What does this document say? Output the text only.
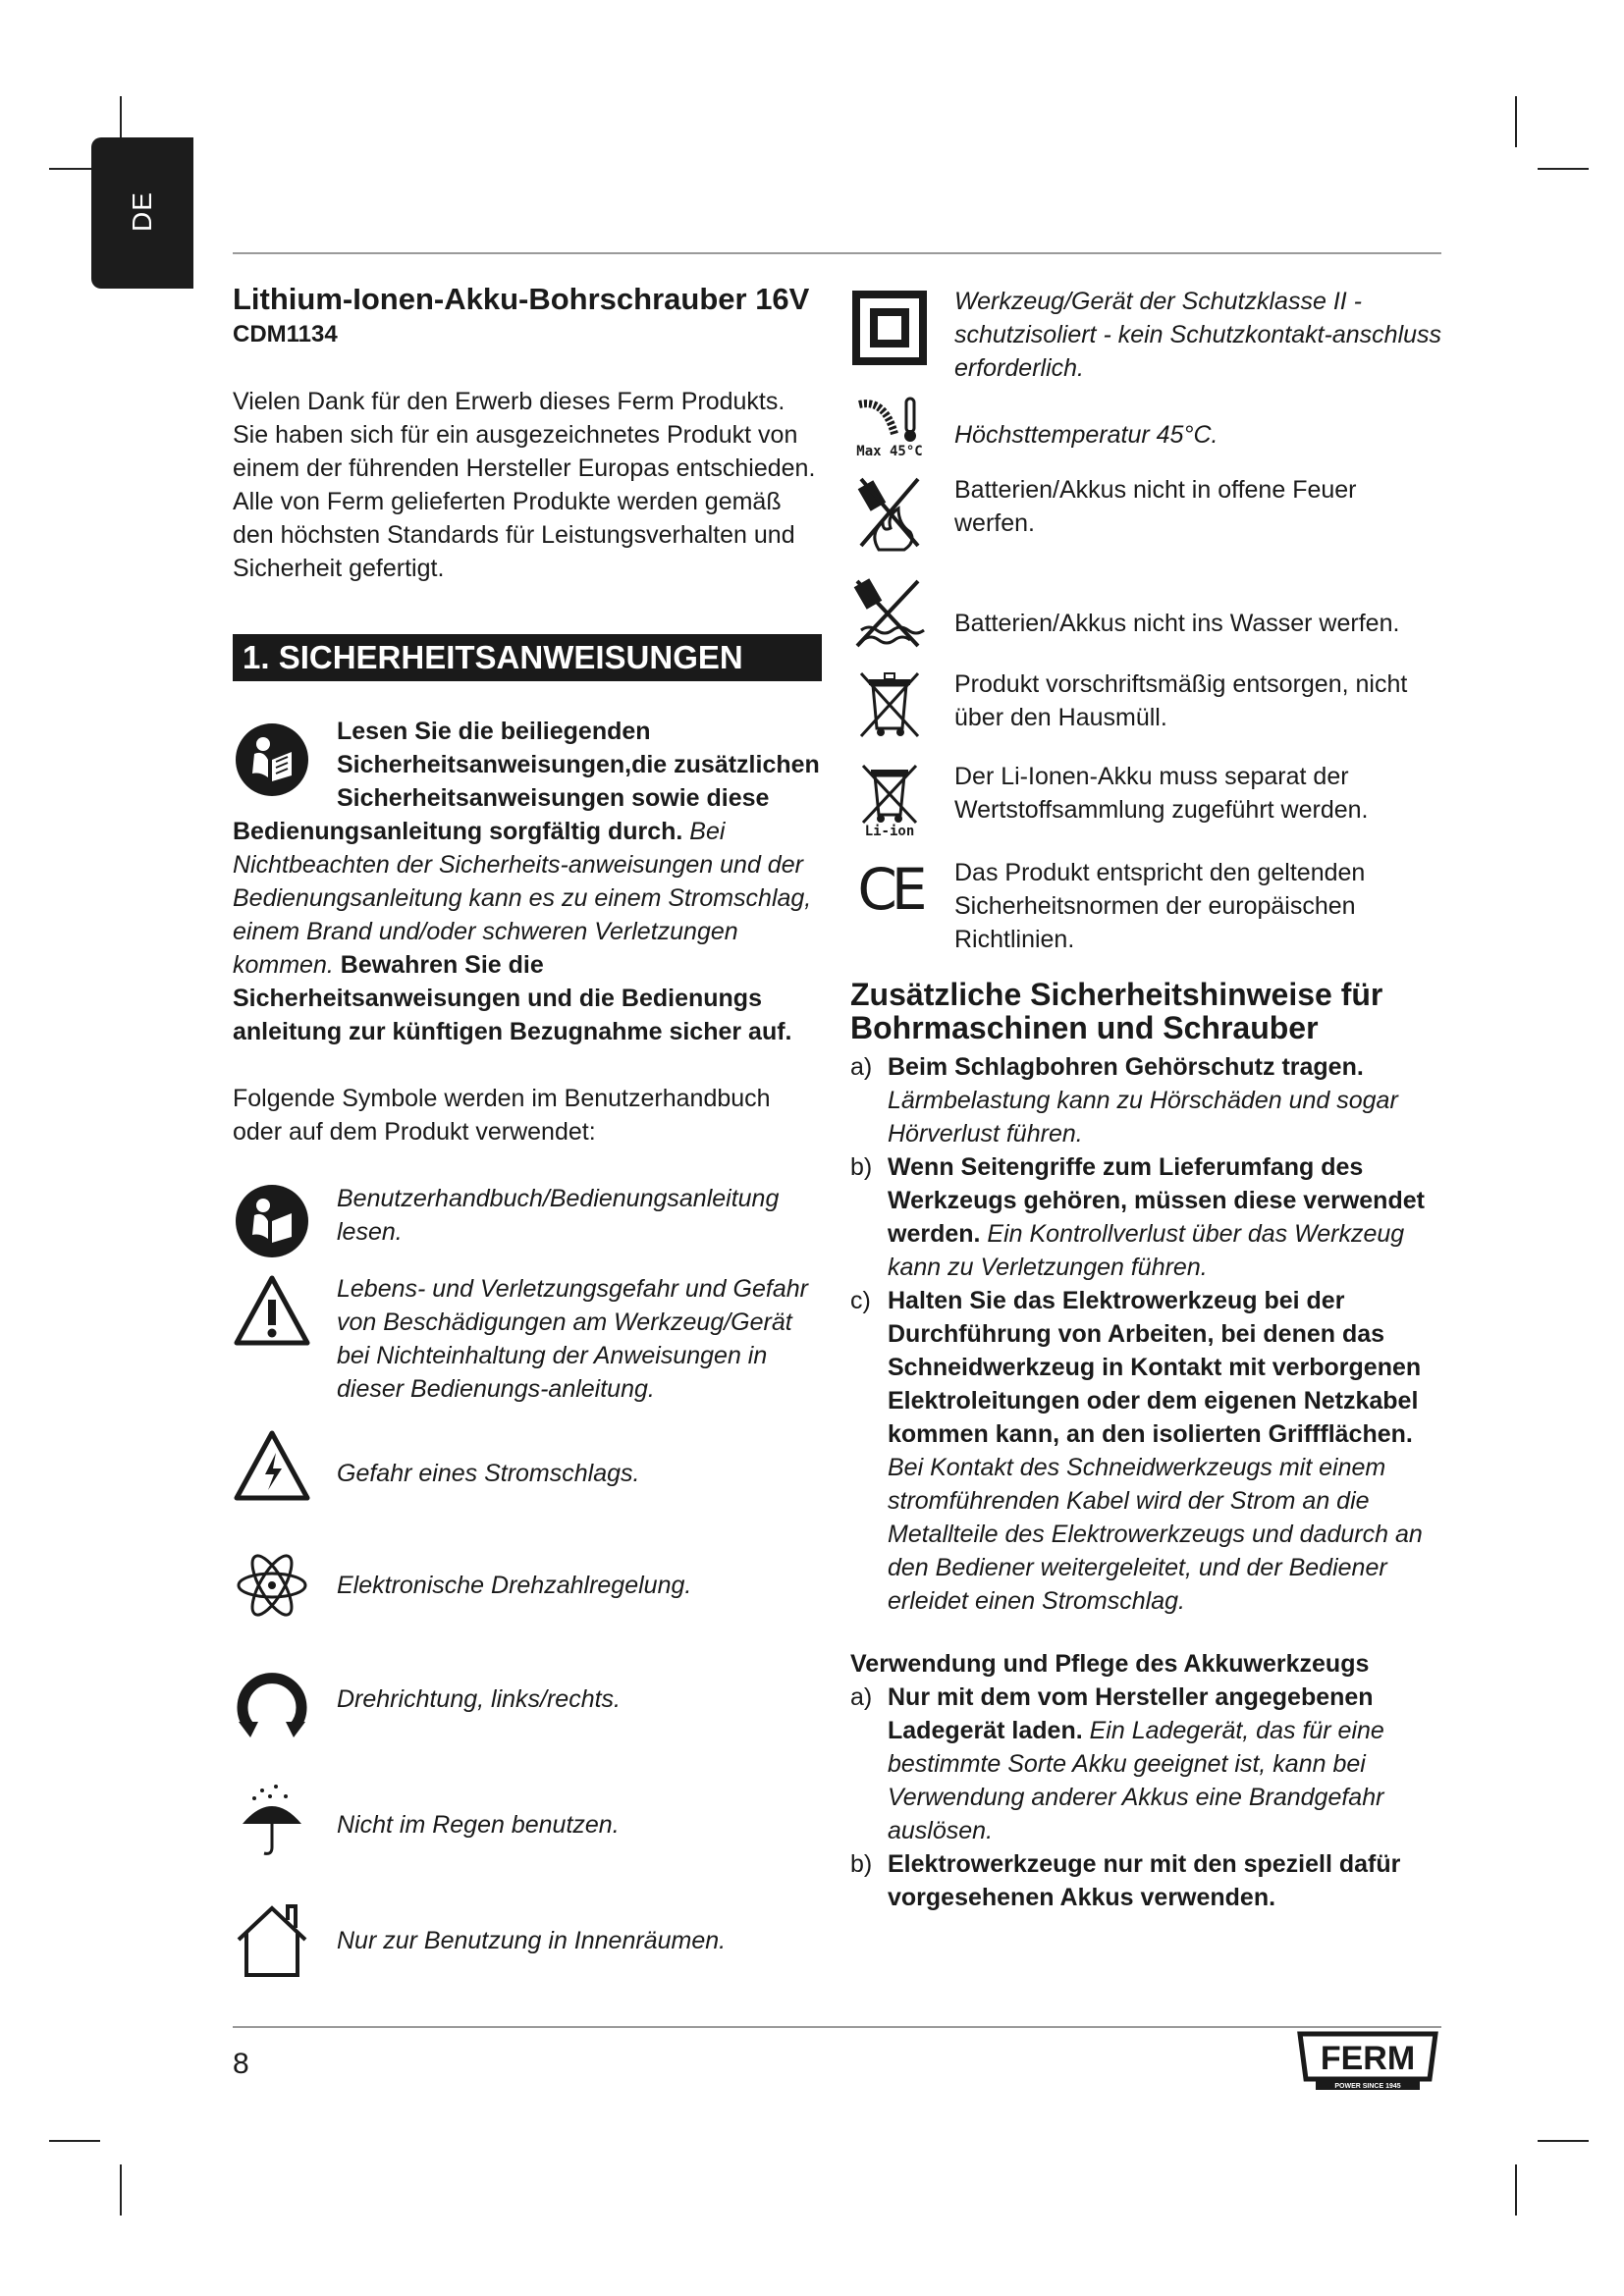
DE
Lithium-Ionen-Akku-Bohrschrauber 16V
CDM1134

Vielen Dank für den Erwerb dieses Ferm Produkts. Sie haben sich für ein ausgezeichnetes Produkt von einem der führenden Hersteller Europas entschieden. Alle von Ferm gelieferten Produkte werden gemäß den höchsten Standards für Leistungsverhalten und Sicherheit gefertigt.

1. SICHERHEITSANWEISUNGEN

Lesen Sie die beiliegenden Sicherheitsanweisungen,die zusätzlichen Sicherheitsanweisungen sowie diese Bedienungsanleitung sorgfältig durch. Bei Nichtbeachten der Sicherheits-anweisungen und der Bedienungsanleitung kann es zu einem Stromschlag, einem Brand und/oder schweren Verletzungen kommen. Bewahren Sie die Sicherheitsanweisungen und die Bedienungs anleitung zur künftigen Bezugnahme sicher auf.

Folgende Symbole werden im Benutzerhandbuch oder auf dem Produkt verwendet:

Benutzerhandbuch/Bedienungsanleitung lesen.
Lebens- und Verletzungsgefahr und Gefahr von Beschädigungen am Werkzeug/Gerät bei Nichteinhaltung der Anweisungen in dieser Bedienungs-anleitung.
Gefahr eines Stromschlags.
Elektronische Drehzahlregelung.
Drehrichtung, links/rechts.
Nicht im Regen benutzen.
Nur zur Benutzung in Innenräumen.
Werkzeug/Gerät der Schutzklasse II - schutzisoliert - kein Schutzkontakt-anschluss erforderlich.
Max 45°C
Höchsttemperatur 45°C.
Batterien/Akkus nicht in offene Feuer werfen.
Batterien/Akkus nicht ins Wasser werfen.
Produkt vorschriftsmäßig entsorgen, nicht über den Hausmüll.
Li-ion
Der Li-Ionen-Akku muss separat der Wertstoffsammlung zugeführt werden.
CE Das Produkt entspricht den geltenden Sicherheitsnormen der europäischen Richtlinien.
Zusätzliche Sicherheitshinweise für Bohrmaschinen und Schrauber
a) Beim Schlagbohren Gehörschutz tragen. Lärmbelastung kann zu Hörschäden und sogar Hörverlust führen.
b) Wenn Seitengriffe zum Lieferumfang des Werkzeugs gehören, müssen diese verwendet werden. Ein Kontrollverlust über das Werkzeug kann zu Verletzungen führen.
c) Halten Sie das Elektrowerkzeug bei der Durchführung von Arbeiten, bei denen das Schneidwerkzeug in Kontakt mit verborgenen Elektroleitungen oder dem eigenen Netzkabel kommen kann, an den isolierten Griffflächen. Bei Kontakt des Schneidwerkzeugs mit einem stromführenden Kabel wird der Strom an die Metallteile des Elektrowerkzeugs und dadurch an den Bediener weitergeleitet, und der Bediener erleidet einen Stromschlag.
Verwendung und Pflege des Akkuwerkzeugs
a) Nur mit dem vom Hersteller angegebenen Ladegerät laden. Ein Ladegerät, das für eine bestimmte Sorte Akku geeignet ist, kann bei Verwendung anderer Akkus eine Brandgefahr auslösen.
b) Elektrowerkzeuge nur mit den speziell dafür vorgesehenen Akkus verwenden.
8	FERM
POWER SINCE 1945
